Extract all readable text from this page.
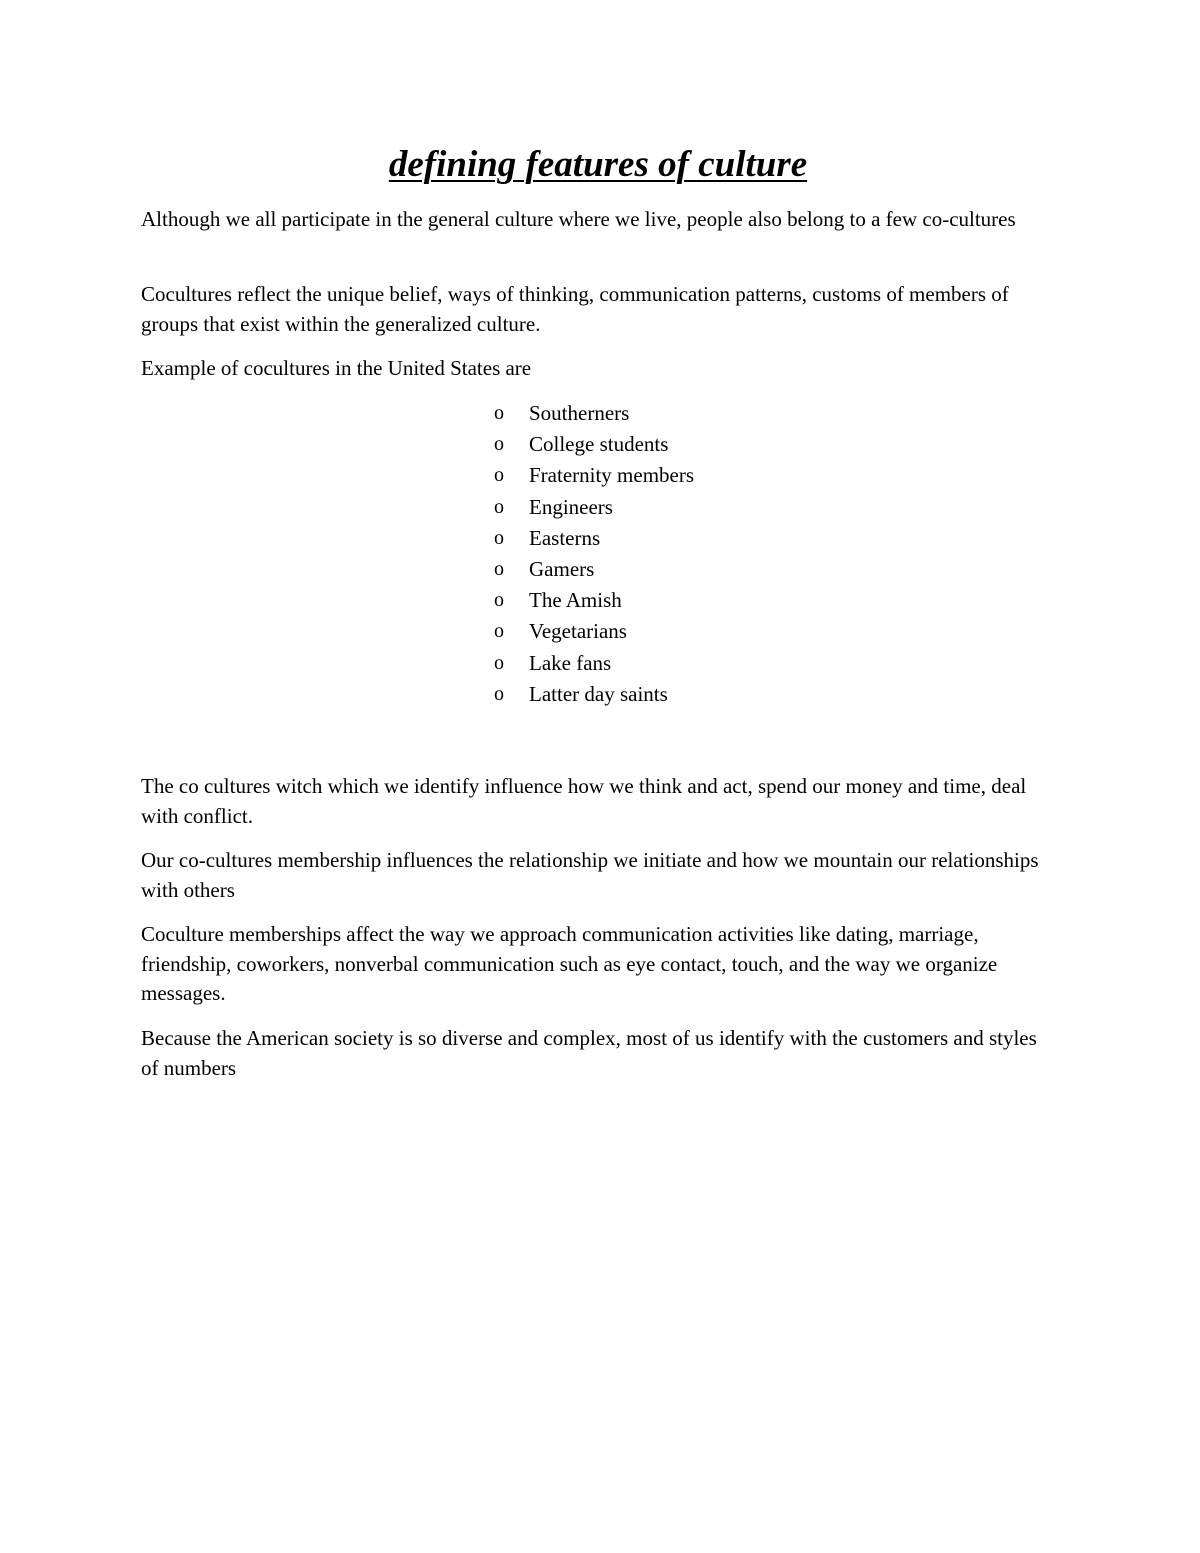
defining features of culture

Although we all participate in the general culture where we live, people also belong to a few co-cultures

Cocultures reflect the unique belief, ways of thinking, communication patterns, customs of members of groups that exist within the generalized culture.

Example of cocultures in the United States are

o	Southerners
o	College students
o	Fraternity members
o	Engineers
o	Easterns
o	Gamers
o	The Amish
o	Vegetarians
o	Lake fans
o	Latter day saints

The co cultures witch which we identify influence how we think and act, spend our money and time, deal with conflict.

Our co-cultures membership influences the relationship we initiate and how we mountain our relationships with others

Coculture memberships affect the way we approach communication activities like dating, marriage, friendship, coworkers, nonverbal communication such as eye contact, touch, and the way we organize messages.

Because the American society is so diverse and complex, most of us identify with the customers and styles of numbers
